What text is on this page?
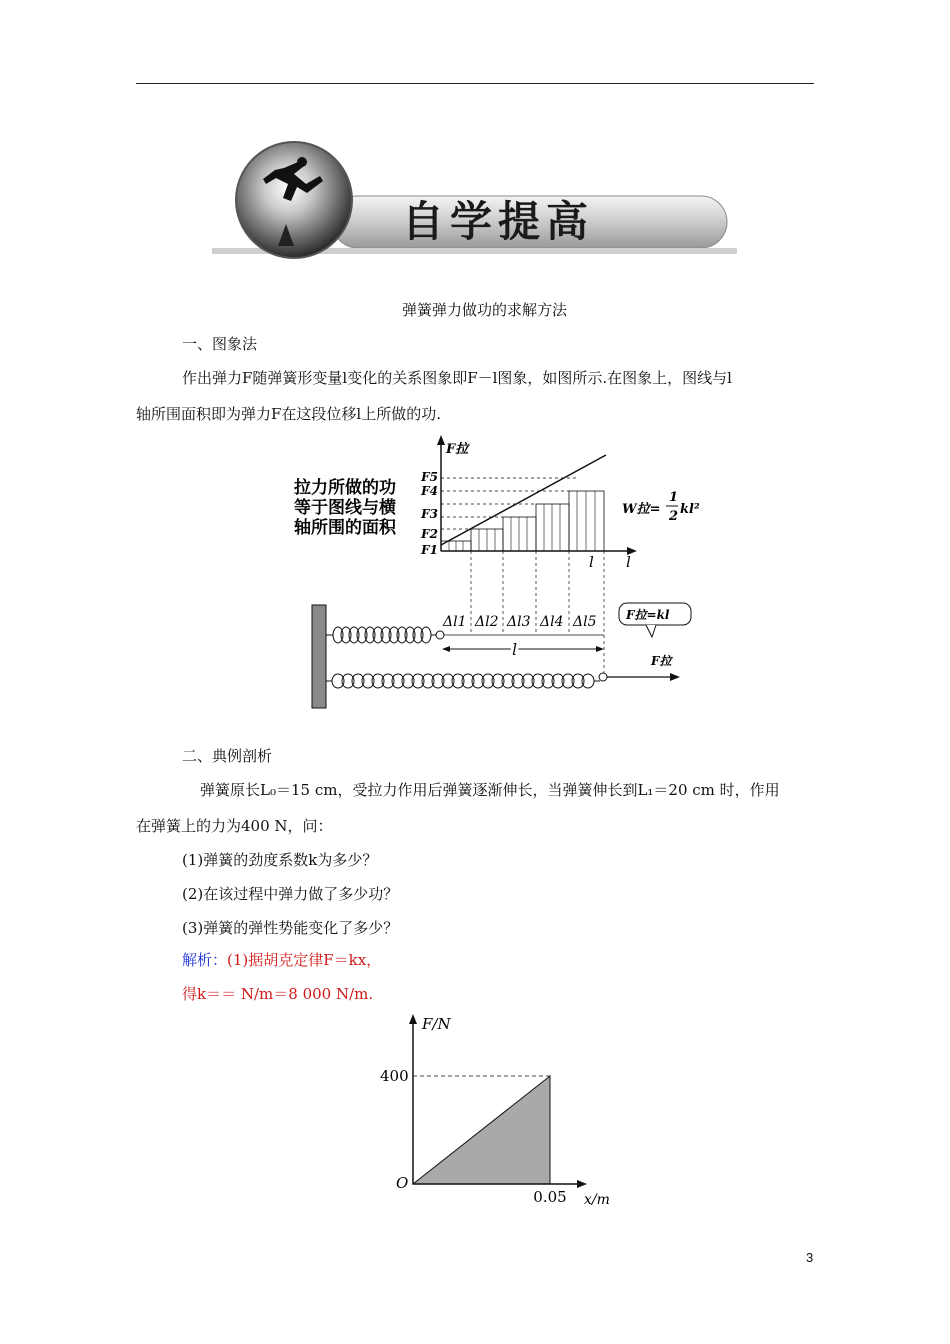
自学提高
弹簧弹力做功的求解方法
一、图象法
作出弹力F随弹簧形变量l变化的关系图象即F－l图象，如图所示.在图象上，图线与l
轴所围面积即为弹力F在这段位移l上所做的功.
拉力所做的功
等于图线与横
轴所围的面积
F拉
l
F5
F4
F3
F2
F1
l
W拉=
1
2 kl²
Δl1 Δl2 Δl3 Δl4 Δl5
l
F拉=kl
F拉
二、典例剖析
弹簧原长L₀＝15 cm，受拉力作用后弹簧逐渐伸长，当弹簧伸长到L₁＝20 cm 时，作用
在弹簧上的力为400 N，问：
(1)弹簧的劲度系数k为多少？
(2)在该过程中弹力做了多少功？
(3)弹簧的弹性势能变化了多少？
解析：(1)据胡克定律F＝kx，
得k＝＝ N/m＝8 000 N/m.
F/N
x/m
O
400
0.05
3
